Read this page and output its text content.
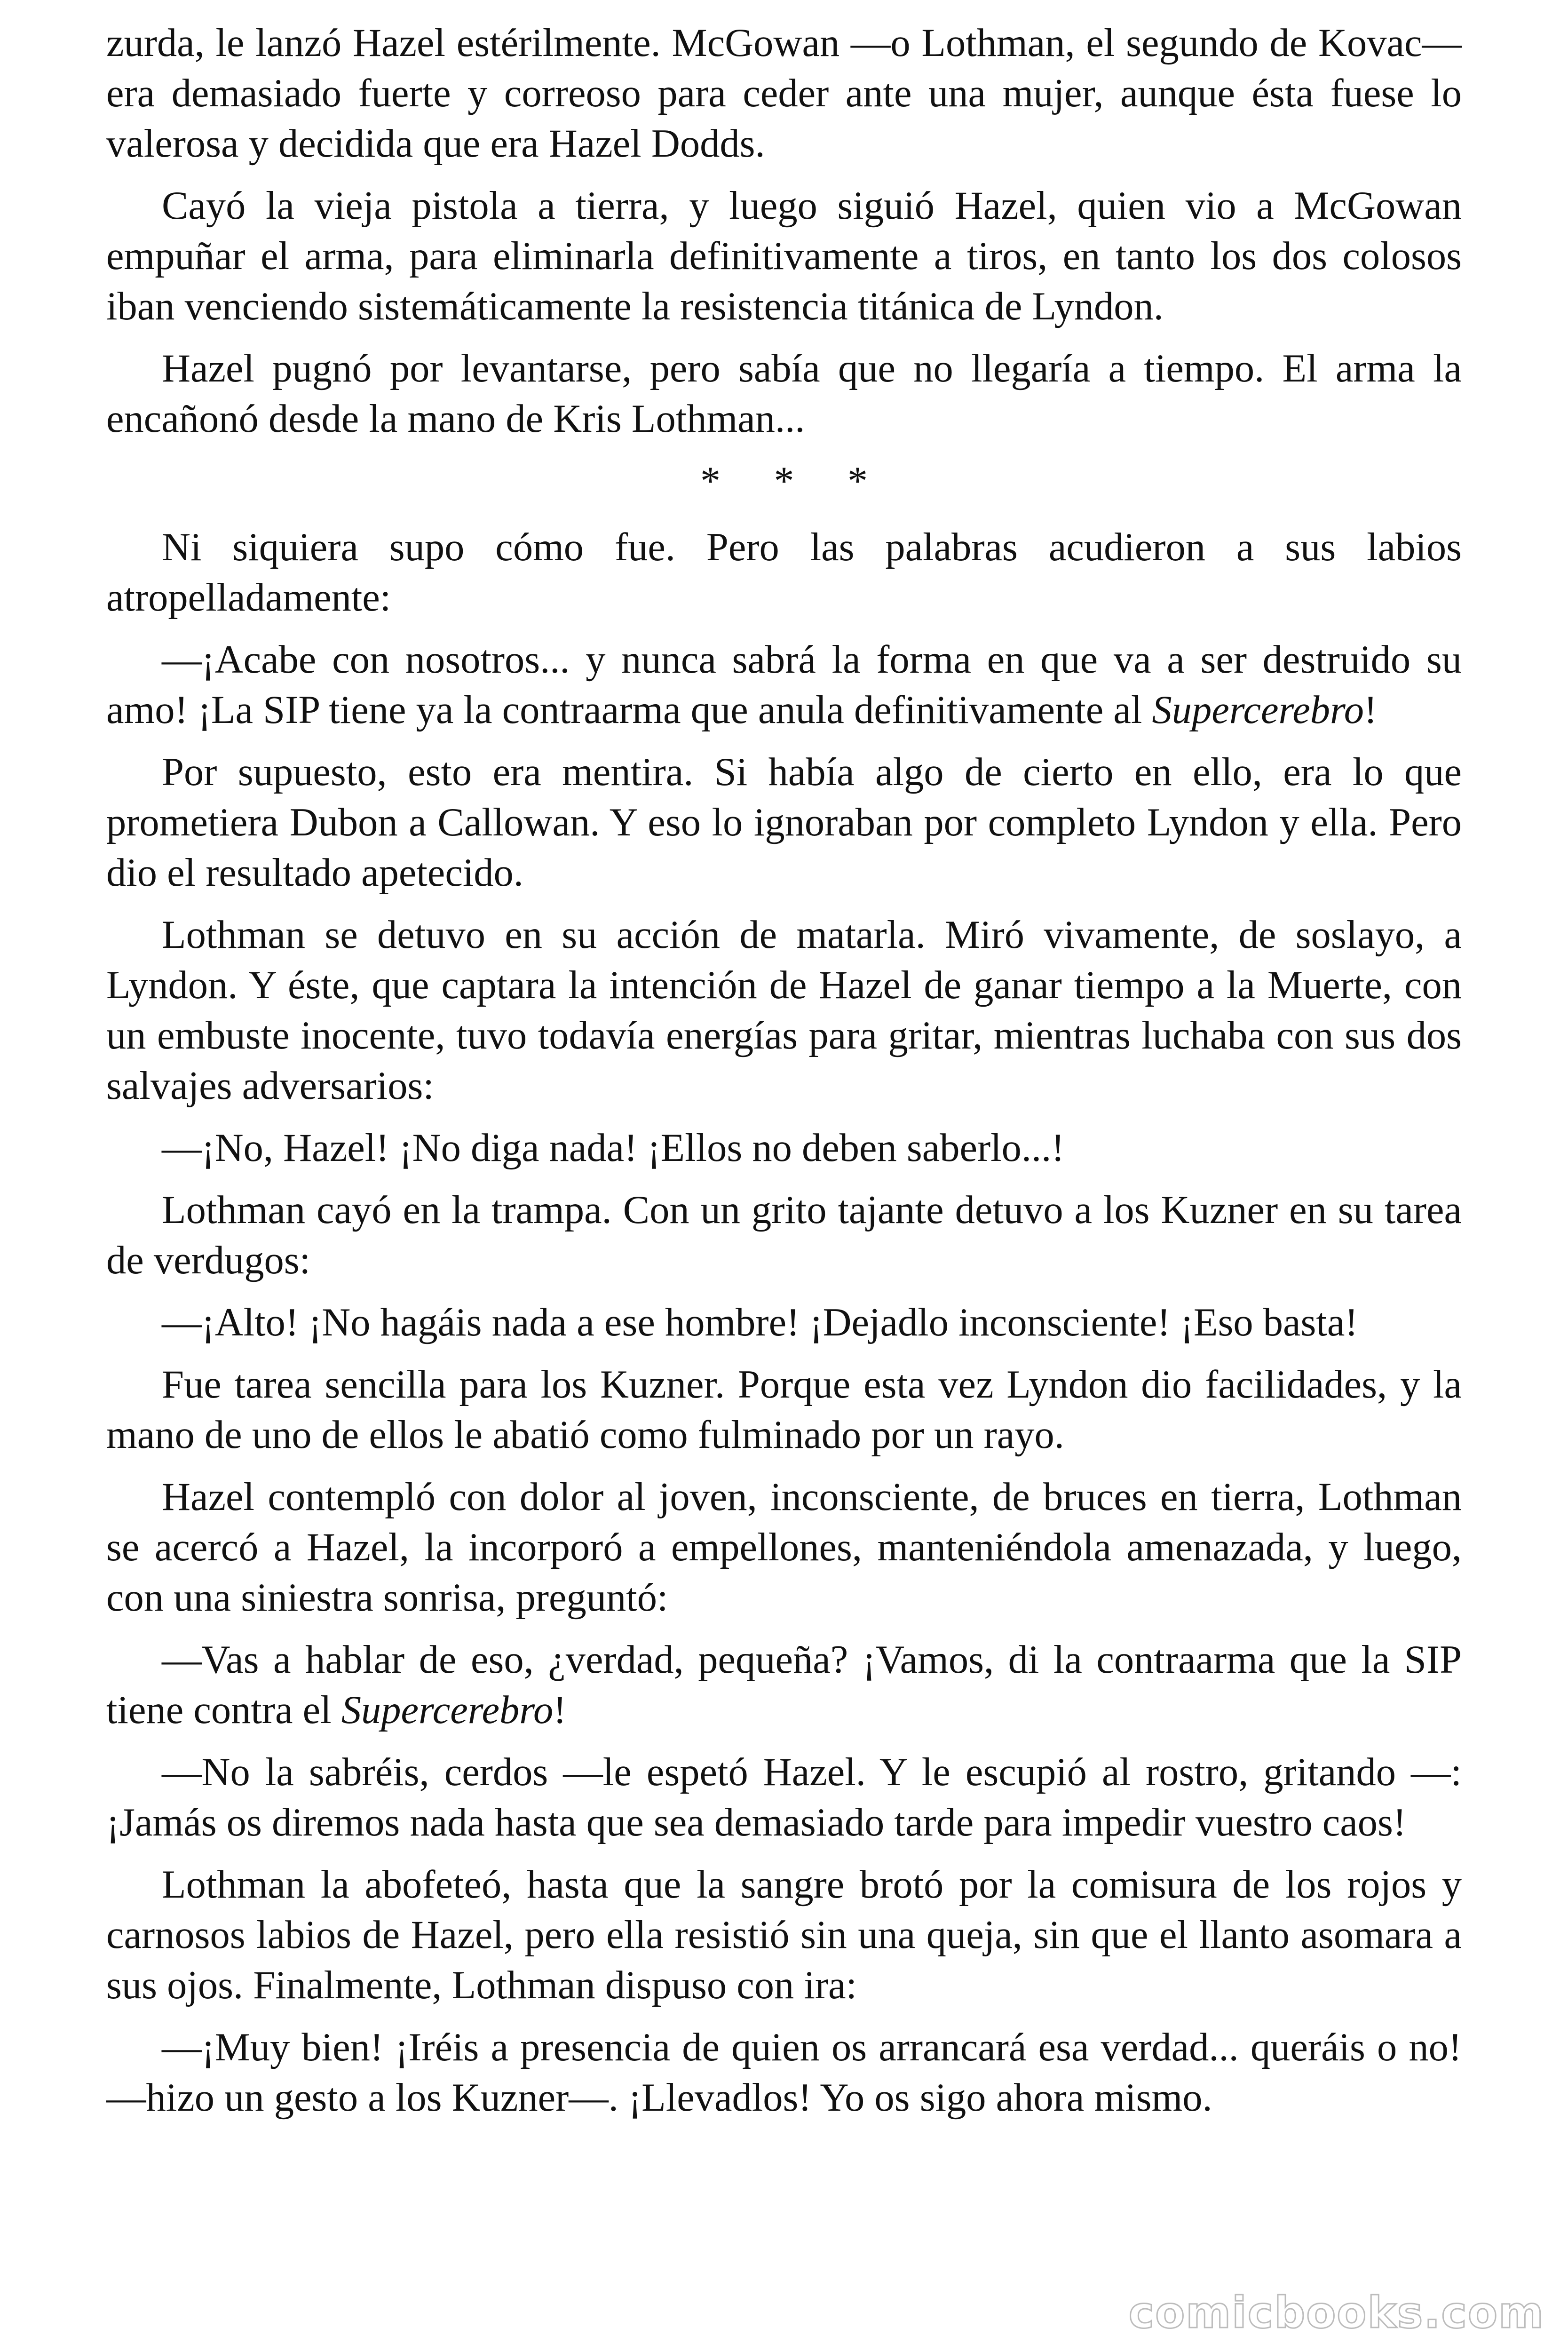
zurda, le lanzó Hazel estérilmente. McGowan —o Lothman, el segundo de Kovac— era demasiado fuerte y correoso para ceder ante una mujer, aunque ésta fuese lo valerosa y decidida que era Hazel Dodds.

Cayó la vieja pistola a tierra, y luego siguió Hazel, quien vio a McGowan empuñar el arma, para eliminarla definitivamente a tiros, en tanto los dos colosos iban venciendo sistemáticamente la resistencia titánica de Lyndon.

Hazel pugnó por levantarse, pero sabía que no llegaría a tiempo. El arma la encañonó desde la mano de Kris Lothman...

* * *

Ni siquiera supo cómo fue. Pero las palabras acudieron a sus labios atropelladamente:

—¡Acabe con nosotros... y nunca sabrá la forma en que va a ser destruido su amo! ¡La SIP tiene ya la contraarma que anula definitivamente al Supercerebro!

Por supuesto, esto era mentira. Si había algo de cierto en ello, era lo que prometiera Dubon a Callowan. Y eso lo ignoraban por completo Lyndon y ella. Pero dio el resultado apetecido.

Lothman se detuvo en su acción de matarla. Miró vivamente, de soslayo, a Lyndon. Y éste, que captara la intención de Hazel de ganar tiempo a la Muerte, con un embuste inocente, tuvo todavía energías para gritar, mientras luchaba con sus dos salvajes adversarios:

—¡No, Hazel! ¡No diga nada! ¡Ellos no deben saberlo...!

Lothman cayó en la trampa. Con un grito tajante detuvo a los Kuzner en su tarea de verdugos:

—¡Alto! ¡No hagáis nada a ese hombre! ¡Dejadlo inconsciente! ¡Eso basta!

Fue tarea sencilla para los Kuzner. Porque esta vez Lyndon dio facilidades, y la mano de uno de ellos le abatió como fulminado por un rayo.

Hazel contempló con dolor al joven, inconsciente, de bruces en tierra, Lothman se acercó a Hazel, la incorporó a empellones, manteniéndola amenazada, y luego, con una siniestra sonrisa, preguntó:

—Vas a hablar de eso, ¿verdad, pequeña? ¡Vamos, di la contraarma que la SIP tiene contra el Supercerebro!

—No la sabréis, cerdos —le espetó Hazel. Y le escupió al rostro, gritando —: ¡Jamás os diremos nada hasta que sea demasiado tarde para impedir vuestro caos!

Lothman la abofeteó, hasta que la sangre brotó por la comisura de los rojos y carnosos labios de Hazel, pero ella resistió sin una queja, sin que el llanto asomara a sus ojos. Finalmente, Lothman dispuso con ira:

—¡Muy bien! ¡Iréis a presencia de quien os arrancará esa verdad... queráis o no! —hizo un gesto a los Kuzner—. ¡Llevadlos! Yo os sigo ahora mismo.

comicbooks.com
